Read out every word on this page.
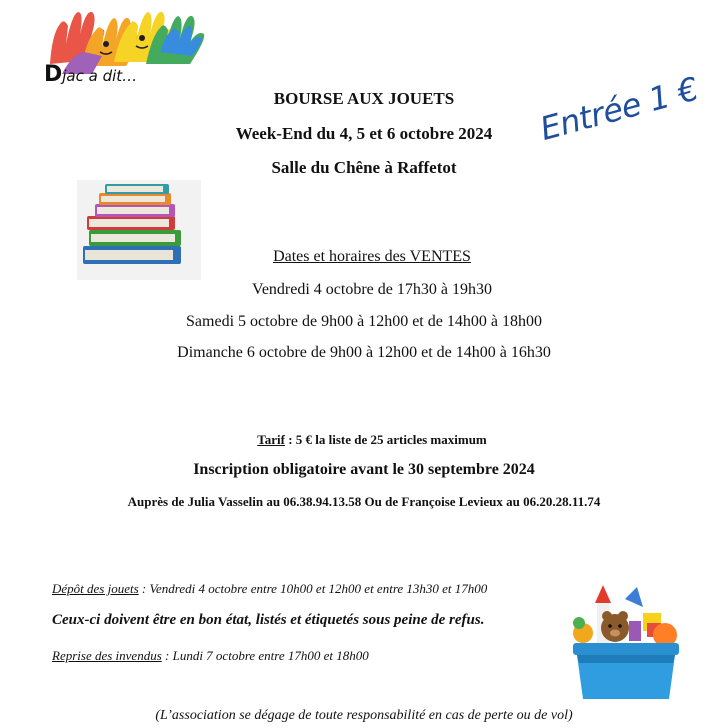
Djac a dit…
BOURSE AUX JOUETS
Week-End du 4, 5 et 6 octobre 2024
Salle du Chêne à Raffetot
Entrée 1 €
Dates et horaires des VENTES
Vendredi 4 octobre de 17h30 à 19h30
Samedi 5 octobre de 9h00 à 12h00 et de 14h00 à 18h00
Dimanche 6 octobre de 9h00 à 12h00 et de 14h00 à 16h30
Tarif : 5 € la liste de 25 articles maximum
Inscription obligatoire avant le 30 septembre 2024
Auprès de Julia Vasselin au 06.38.94.13.58 Ou de Françoise Levieux au 06.20.28.11.74
Dépôt des jouets : Vendredi 4 octobre entre 10h00 et 12h00 et entre 13h30 et 17h00
Ceux-ci doivent être en bon état, listés et étiquetés sous peine de refus.
Reprise des invendus : Lundi 7 octobre entre 17h00 et 18h00
(L’association se dégage de toute responsabilité en cas de perte ou de vol)
